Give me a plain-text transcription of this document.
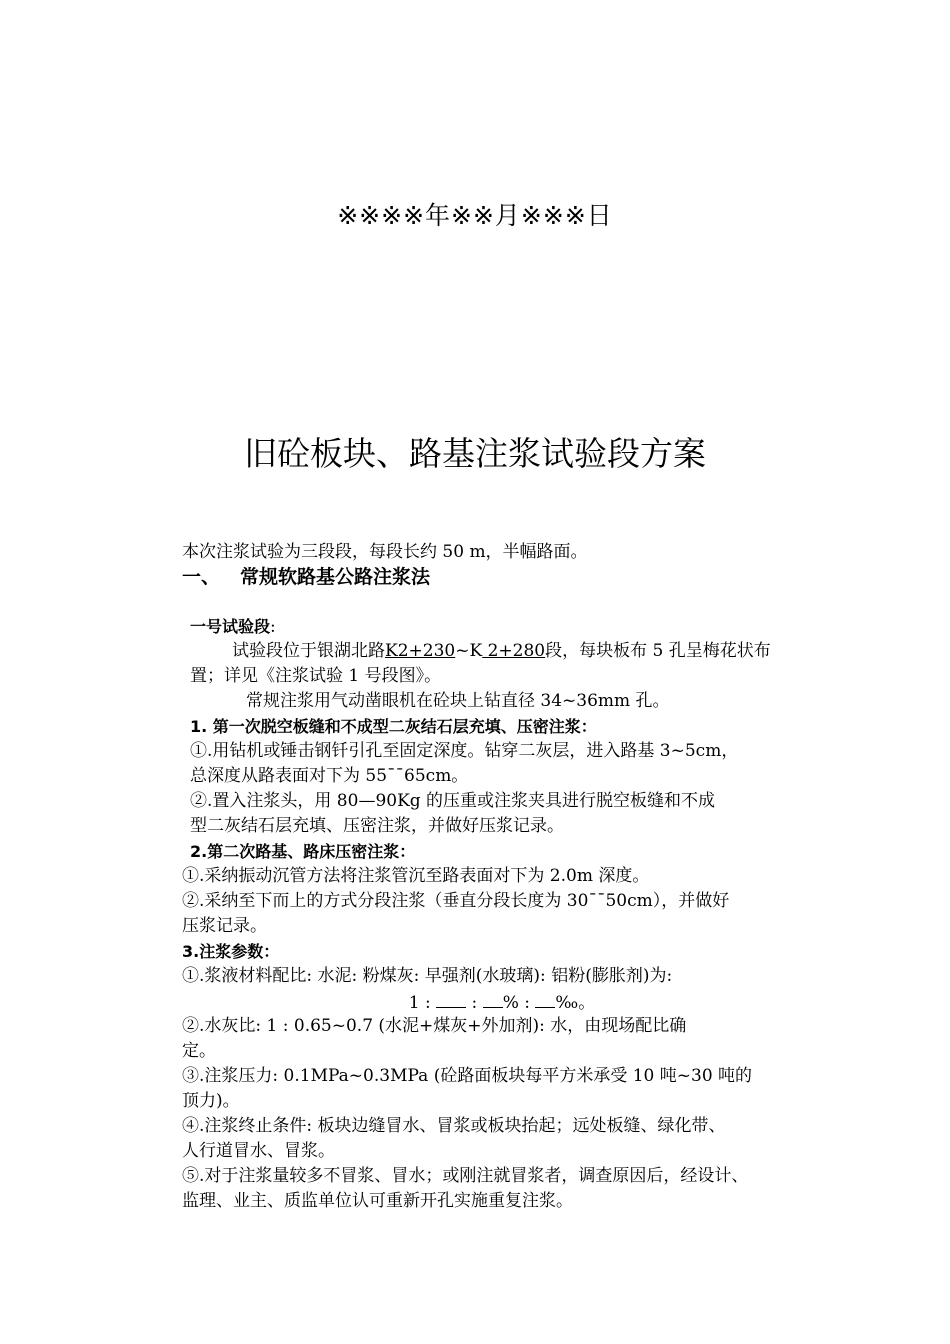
※※※※年※※月※※※日
旧砼板块、路基注浆试验段方案
本次注浆试验为三段段，每段长约 50 m，半幅路面。
一、 常规软路基公路注浆法
一号试验段:
试验段位于银湖北路K2+230~K 2+280段，每块板布 5 孔呈梅花状布
置；详见《注浆试验 1 号段图》。
常规注浆用气动凿眼机在砼块上钻直径 34~36mm 孔。
1. 第一次脱空板缝和不成型二灰结石层充填、压密注浆：
①.用钻机或锤击钢钎引孔至固定深度。钻穿二灰层，进入路基 3~5cm，
总深度从路表面对下为 55¯¯65cm。
②.置入注浆头，用 80—90Kg 的压重或注浆夹具进行脱空板缝和不成
型二灰结石层充填、压密注浆，并做好压浆记录。
2.第二次路基、路床压密注浆：
①.采纳振动沉管方法将注浆管沉至路表面对下为 2.0m 深度。
②.采纳至下而上的方式分段注浆（垂直分段长度为 30¯¯50cm），并做好
压浆记录。
3.注浆参数：
①.浆液材料配比: 水泥: 粉煤灰: 早强剂(水玻璃): 铝粉(膨胀剂)为:
1 :  : % : ‰。
②.水灰比: 1 : 0.65~0.7 (水泥+煤灰+外加剂): 水，由现场配比确
定。
③.注浆压力: 0.1MPa~0.3MPa (砼路面板块每平方米承受 10 吨~30 吨的
顶力)。
④.注浆终止条件: 板块边缝冒水、冒浆或板块抬起；远处板缝、绿化带、
人行道冒水、冒浆。
⑤.对于注浆量较多不冒浆、冒水；或刚注就冒浆者，调查原因后，经设计、
监理、业主、质监单位认可重新开孔实施重复注浆。
